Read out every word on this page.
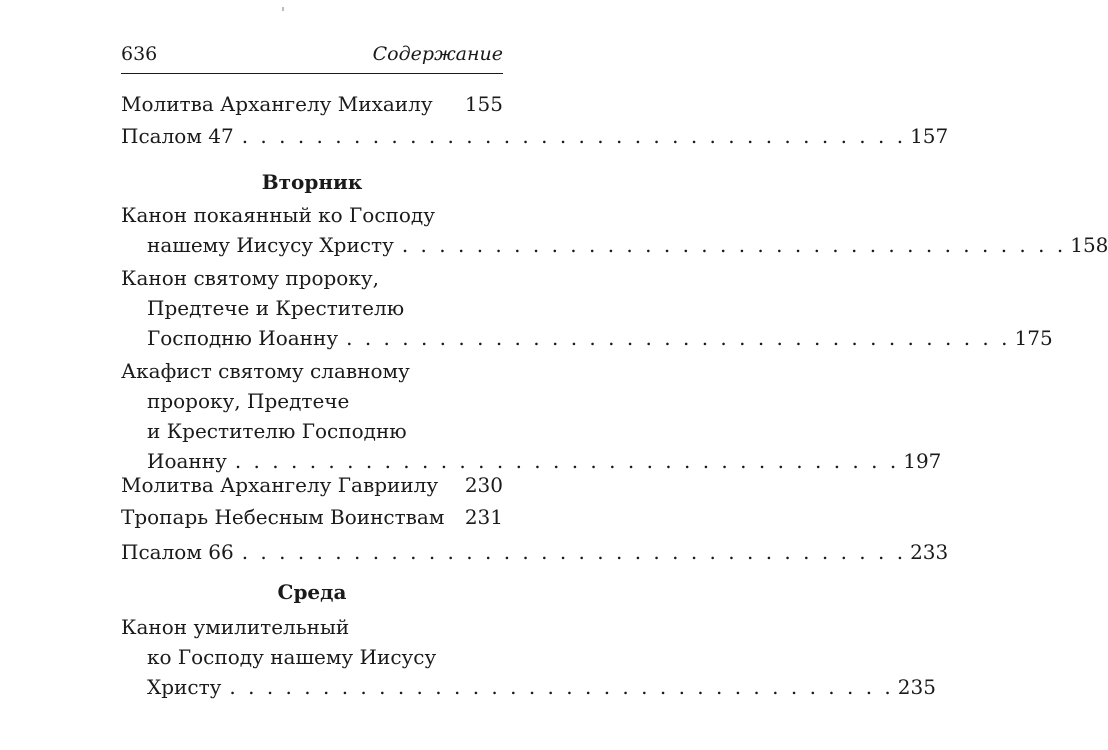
636	Содержание
Молитва Архангелу Михаилу 155
Псалом 47 . . . . . . . . . . . . . . . . . . . . . . . . . . . . . . . . . . . . 157
Вторник
Канон покаянный ко Господу
нашему Иисусу Христу . . . . . . . . . . . . . . . . . . . . . . . . . . . . . . . . . . . . 158
Канон святому пророку,
Предтече и Крестителю
Господню Иоанну . . . . . . . . . . . . . . . . . . . . . . . . . . . . . . . . . . . . 175
Акафист святому славному
пророку, Предтече
и Крестителю Господню
Иоанну . . . . . . . . . . . . . . . . . . . . . . . . . . . . . . . . . . . . 197
Молитва Архангелу Гавриилу 230
Тропарь Небесным Воинствам 231
Псалом 66 . . . . . . . . . . . . . . . . . . . . . . . . . . . . . . . . . . . . 233
Среда
Канон умилительный
ко Господу нашему Иисусу
Христу . . . . . . . . . . . . . . . . . . . . . . . . . . . . . . . . . . . . 235
